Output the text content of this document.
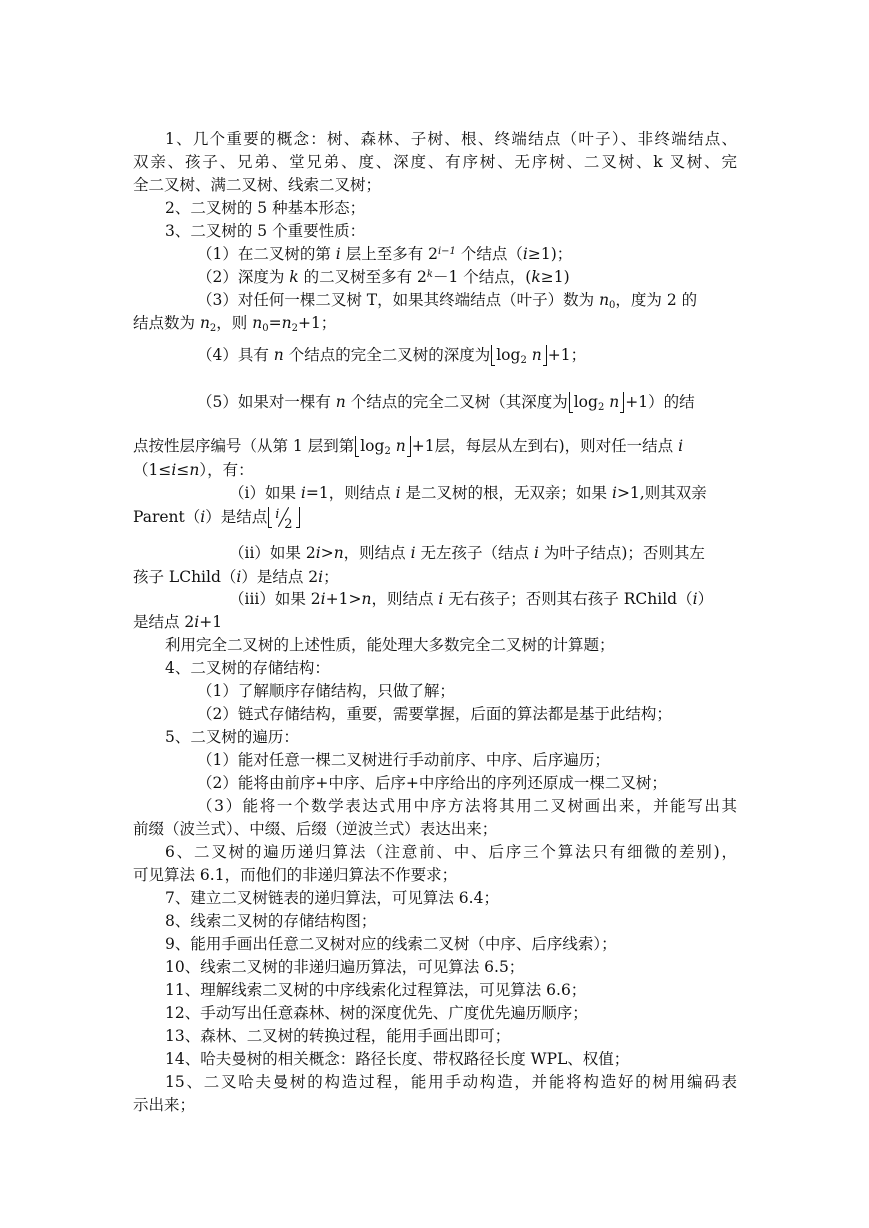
1、几个重要的概念：树、森林、子树、根、终端结点（叶子）、非终端结点、
双亲、孩子、兄弟、堂兄弟、度、深度、有序树、无序树、二叉树、k 叉树、完
全二叉树、满二叉树、线索二叉树；
2、二叉树的 5 种基本形态；
3、二叉树的 5 个重要性质：
（1）在二叉树的第 i 层上至多有 $2^{i-1}$ 个结点（i≥1)；
（2）深度为 k 的二叉树至多有 $2^k-1$ 个结点，(k≥1)
（3）对任何一棵二叉树 T，如果其终端结点（叶子）数为 $n_0$，度为 2 的
结点数为 $n_2$，则 $n_0=n_2+1$；
（4）具有 n 个结点的完全二叉树的深度为 $\log_2 n +1$；
（5）如果对一棵有 n 个结点的完全二叉树（其深度为 $\log_2 n +1$）的结
点按性层序编号（从第 1 层到第 $\log_2 n +1$层，每层从左到右)，则对任一结点 i
（1≤i≤n），有：
（i）如果 i=1，则结点 i 是二叉树的根，无双亲；如果 i>1,则其双亲
Parent（i）是结点 i
2
（ii）如果 2i>n，则结点 i 无左孩子（结点 i 为叶子结点)；否则其左
孩子 LChild（i）是结点 2i；
（iii）如果 2i+1>n，则结点 i 无右孩子；否则其右孩子 RChild（i）
是结点 2i+1
利用完全二叉树的上述性质，能处理大多数完全二叉树的计算题；
4、二叉树的存储结构：
（1）了解顺序存储结构，只做了解；
（2）链式存储结构，重要，需要掌握，后面的算法都是基于此结构；
5、二叉树的遍历：
（1）能对任意一棵二叉树进行手动前序、中序、后序遍历；
（2）能将由前序+中序、后序+中序给出的序列还原成一棵二叉树；
（3）能将一个数学表达式用中序方法将其用二叉树画出来，并能写出其
前缀（波兰式）、中缀、后缀（逆波兰式）表达出来；
6、二叉树的遍历递归算法（注意前、中、后序三个算法只有细微的差别)，
可见算法 6.1，而他们的非递归算法不作要求；
7、建立二叉树链表的递归算法，可见算法 6.4；
8、线索二叉树的存储结构图；
9、能用手画出任意二叉树对应的线索二叉树（中序、后序线索）；
10、线索二叉树的非递归遍历算法，可见算法 6.5；
11、理解线索二叉树的中序线索化过程算法，可见算法 6.6；
12、手动写出任意森林、树的深度优先、广度优先遍历顺序；
13、森林、二叉树的转换过程，能用手画出即可；
14、哈夫曼树的相关概念：路径长度、带权路径长度 WPL、权值；
15、二叉哈夫曼树的构造过程，能用手动构造，并能将构造好的树用编码表
示出来；
